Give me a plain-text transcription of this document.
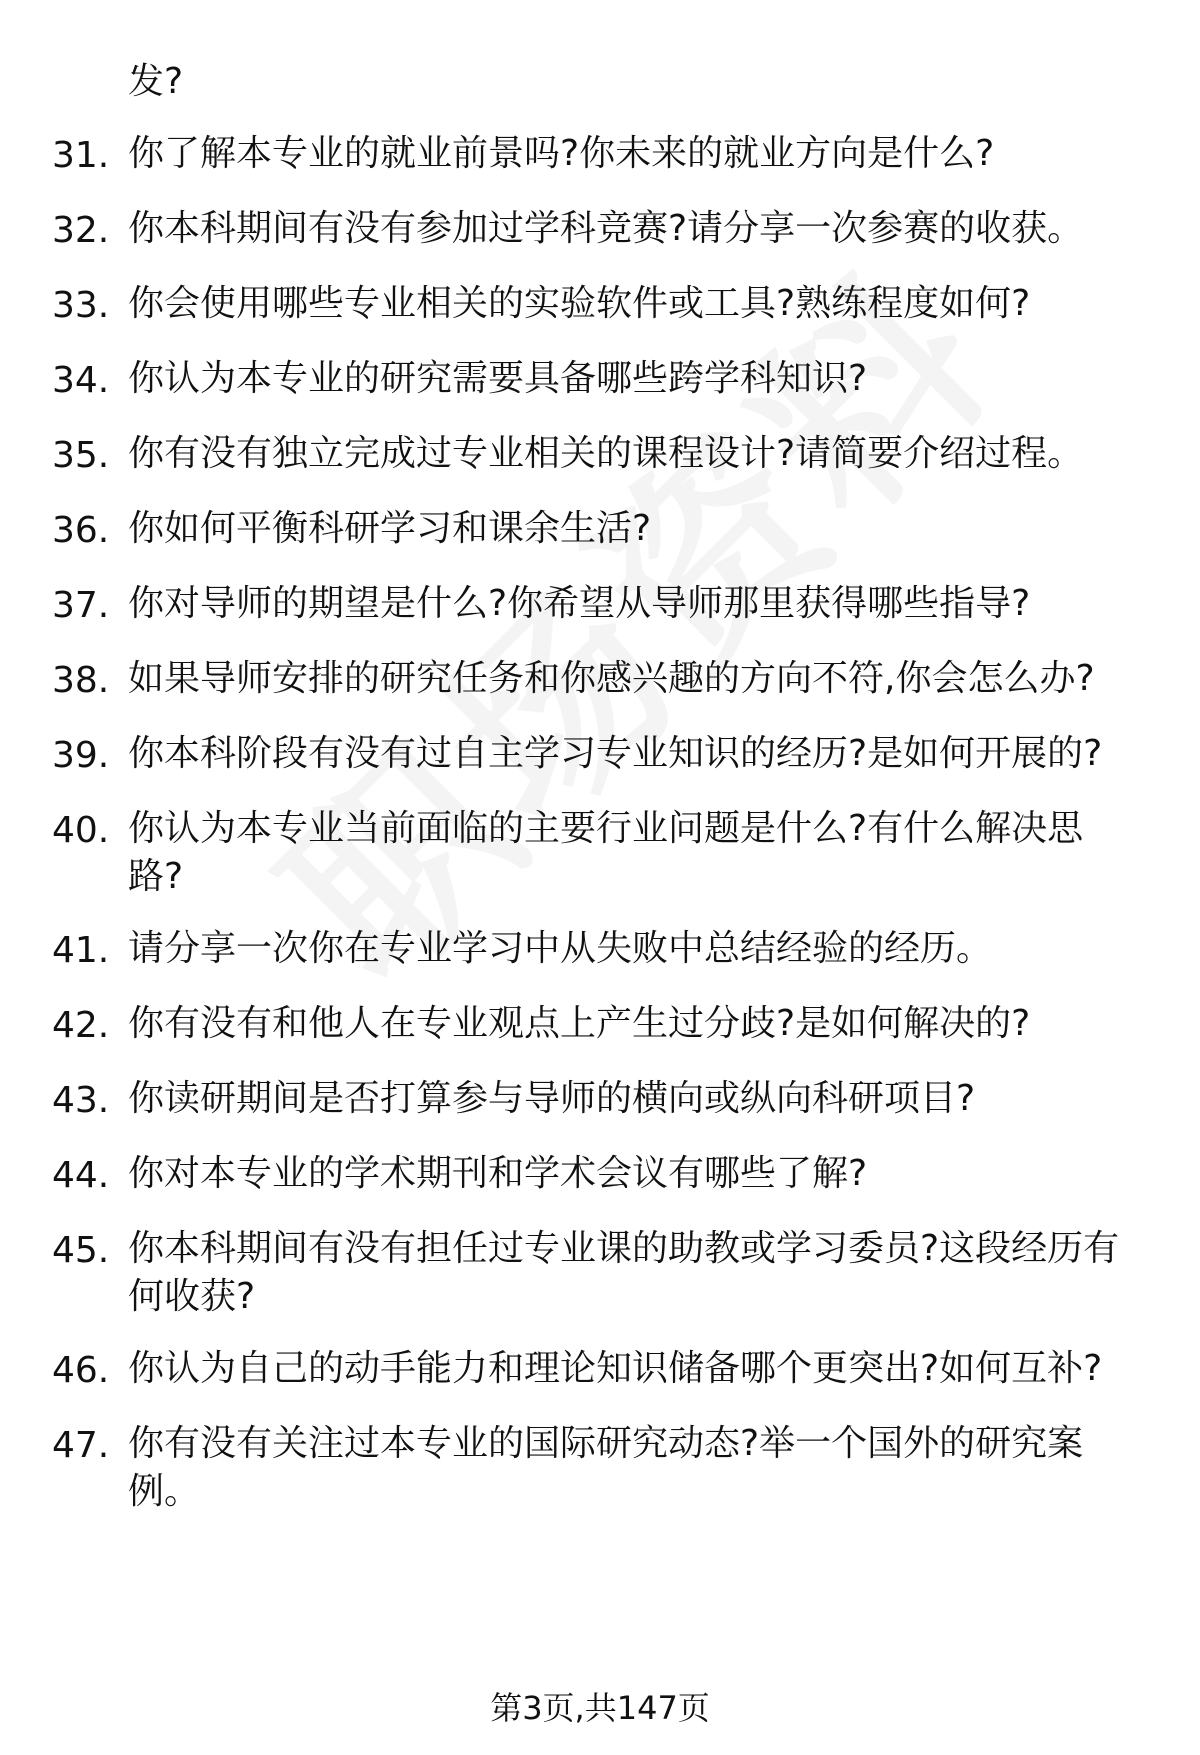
发?
31. 你了解本专业的就业前景吗?你未来的就业方向是什么?
32. 你本科期间有没有参加过学科竞赛?请分享一次参赛的收获。
33. 你会使用哪些专业相关的实验软件或工具?熟练程度如何?
34. 你认为本专业的研究需要具备哪些跨学科知识?
35. 你有没有独立完成过专业相关的课程设计?请简要介绍过程。
36. 你如何平衡科研学习和课余生活?
37. 你对导师的期望是什么?你希望从导师那里获得哪些指导?
38. 如果导师安排的研究任务和你感兴趣的方向不符,你会怎么办?
39. 你本科阶段有没有过自主学习专业知识的经历?是如何开展的?
40. 你认为本专业当前面临的主要行业问题是什么?有什么解决思路?
41. 请分享一次你在专业学习中从失败中总结经验的经历。
42. 你有没有和他人在专业观点上产生过分歧?是如何解决的?
43. 你读研期间是否打算参与导师的横向或纵向科研项目?
44. 你对本专业的学术期刊和学术会议有哪些了解?
45. 你本科期间有没有担任过专业课的助教或学习委员?这段经历有何收获?
46. 你认为自己的动手能力和理论知识储备哪个更突出?如何互补?
47. 你有没有关注过本专业的国际研究动态?举一个国外的研究案例。
第3页,共147页
